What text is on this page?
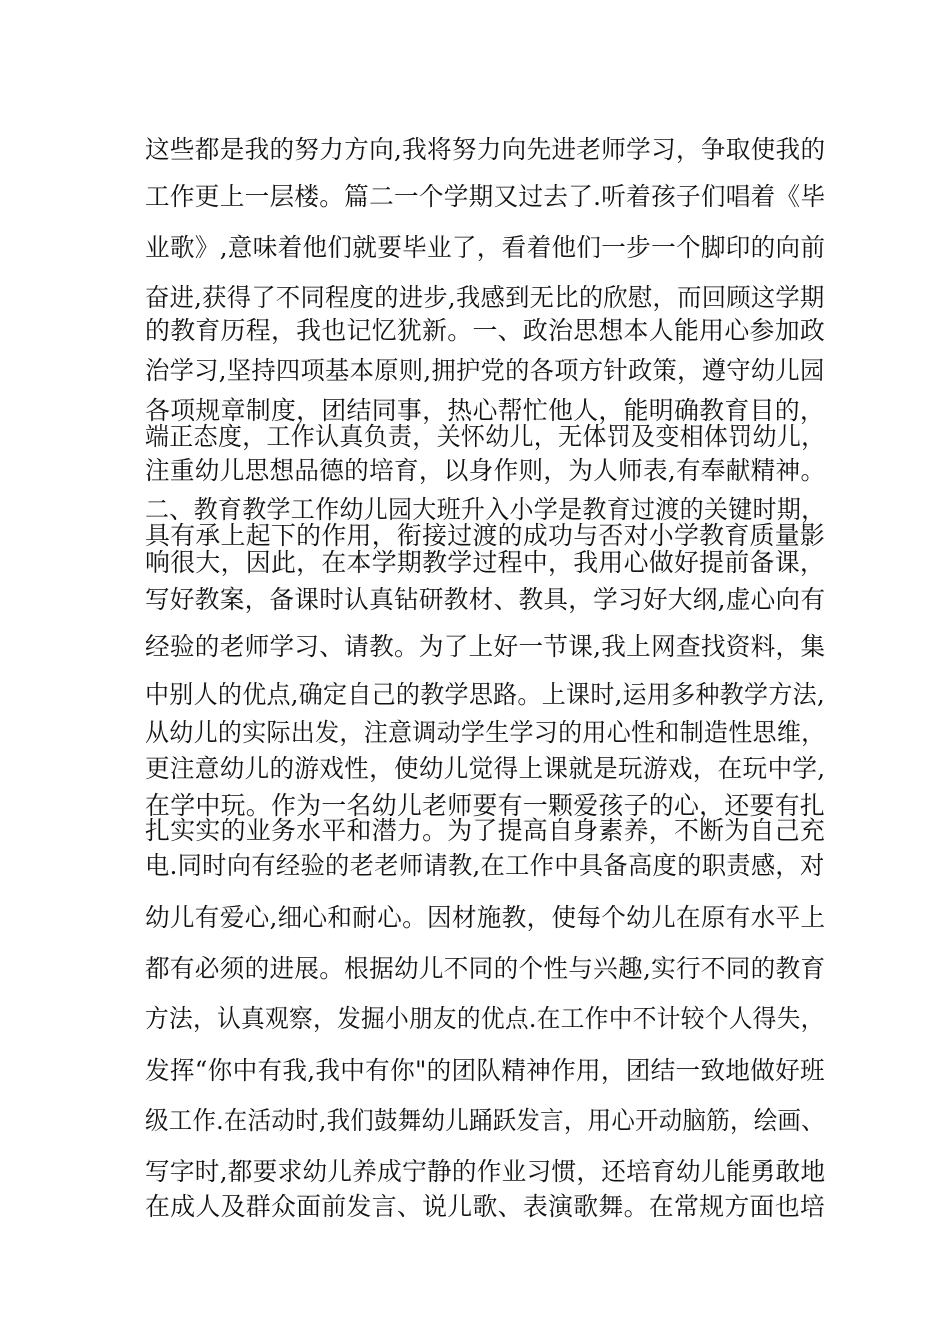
这些都是我的努力方向,我将努力向先进老师学习，争取使我的
工作更上一层楼。篇二一个学期又过去了.听着孩子们唱着《毕
业歌》,意味着他们就要毕业了，看着他们一步一个脚印的向前
奋进,获得了不同程度的进步,我感到无比的欣慰，而回顾这学期
的教育历程，我也记忆犹新。一、政治思想本人能用心参加政
治学习,坚持四项基本原则,拥护党的各项方针政策，遵守幼儿园
各项规章制度，团结同事，热心帮忙他人，能明确教育目的，
端正态度，工作认真负责，关怀幼儿，无体罚及变相体罚幼儿，
注重幼儿思想品德的培育，以身作则，为人师表,有奉献精神。
二、教育教学工作幼儿园大班升入小学是教育过渡的关键时期，
具有承上起下的作用，衔接过渡的成功与否对小学教育质量影
响很大，因此，在本学期教学过程中，我用心做好提前备课，
写好教案，备课时认真钻研教材、教具，学习好大纲,虚心向有
经验的老师学习、请教。为了上好一节课,我上网查找资料，集
中别人的优点,确定自己的教学思路。上课时,运用多种教学方法,
从幼儿的实际出发，注意调动学生学习的用心性和制造性思维，
更注意幼儿的游戏性，使幼儿觉得上课就是玩游戏，在玩中学,
在学中玩。作为一名幼儿老师要有一颗爱孩子的心，还要有扎
扎实实的业务水平和潜力。为了提高自身素养，不断为自己充
电.同时向有经验的老老师请教,在工作中具备高度的职责感，对
幼儿有爱心,细心和耐心。因材施教，使每个幼儿在原有水平上
都有必须的进展。根据幼儿不同的个性与兴趣,实行不同的教育
方法，认真观察，发掘小朋友的优点.在工作中不计较个人得失，
发挥“你中有我,我中有你"的团队精神作用，团结一致地做好班
级工作.在活动时,我们鼓舞幼儿踊跃发言，用心开动脑筋，绘画、
写字时,都要求幼儿养成宁静的作业习惯，还培育幼儿能勇敢地
在成人及群众面前发言、说儿歌、表演歌舞。在常规方面也培
